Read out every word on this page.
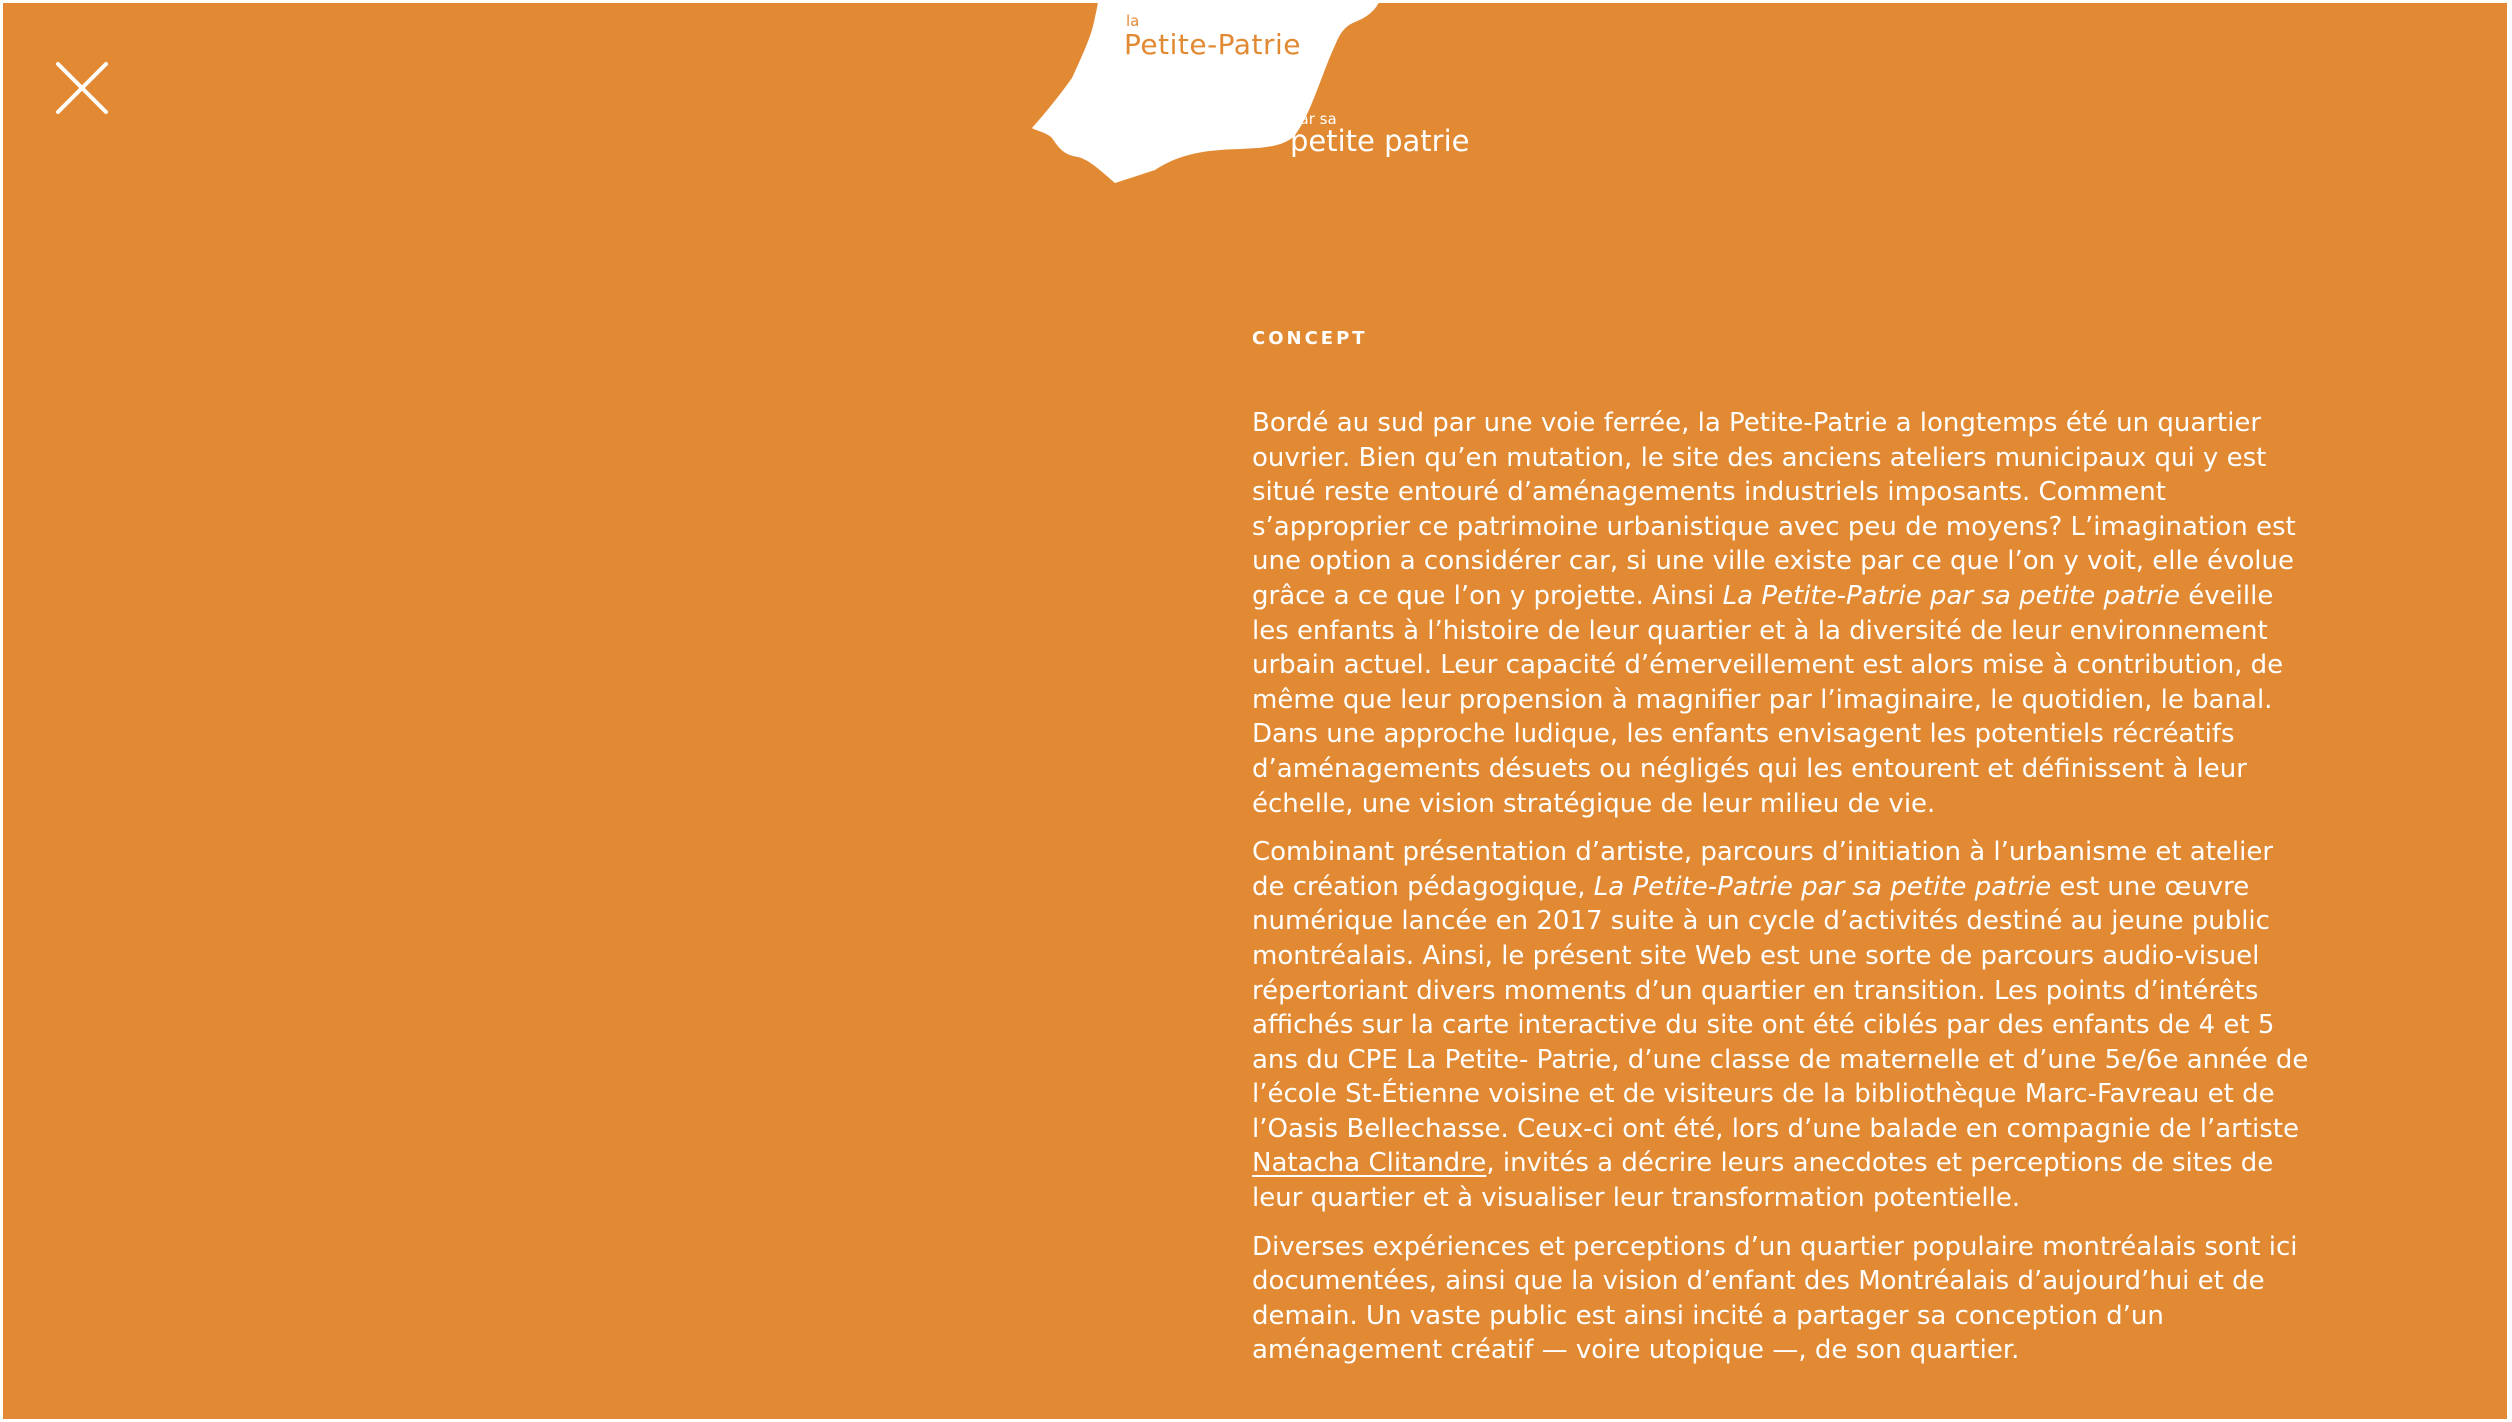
la
Petite-Patrie
par sa
petite patrie
CONCEPT

Bordé au sud par une voie ferrée, la Petite-Patrie a longtemps été un quartier ouvrier. Bien qu’en mutation, le site des anciens ateliers municipaux qui y est situé reste entouré d’aménagements industriels imposants. Comment s’approprier ce patrimoine urbanistique avec peu de moyens? L’imagination est une option a considérer car, si une ville existe par ce que l’on y voit, elle évolue grâce a ce que l’on y projette. Ainsi La Petite-Patrie par sa petite patrie éveille les enfants à l’histoire de leur quartier et à la diversité de leur environnement urbain actuel. Leur capacité d’émerveillement est alors mise à contribution, de même que leur propension à magnifier par l’imaginaire, le quotidien, le banal. Dans une approche ludique, les enfants envisagent les potentiels récréatifs d’aménagements désuets ou négligés qui les entourent et définissent à leur échelle, une vision stratégique de leur milieu de vie.

Combinant présentation d’artiste, parcours d’initiation à l’urbanisme et atelier de création pédagogique, La Petite-Patrie par sa petite patrie est une œuvre numérique lancée en 2017 suite à un cycle d’activités destiné au jeune public montréalais. Ainsi, le présent site Web est une sorte de parcours audio-visuel répertoriant divers moments d’un quartier en transition. Les points d’intérêts affichés sur la carte interactive du site ont été ciblés par des enfants de 4 et 5 ans du CPE La Petite- Patrie, d’une classe de maternelle et d’une 5e/6e année de l’école St-Étienne voisine et de visiteurs de la bibliothèque Marc-Favreau et de l’Oasis Bellechasse. Ceux-ci ont été, lors d’une balade en compagnie de l’artiste Natacha Clitandre, invités a décrire leurs anecdotes et perceptions de sites de leur quartier et à visualiser leur transformation potentielle.

Diverses expériences et perceptions d’un quartier populaire montréalais sont ici documentées, ainsi que la vision d’enfant des Montréalais d’aujourd’hui et de demain. Un vaste public est ainsi incité a partager sa conception d’un aménagement créatif — voire utopique —, de son quartier.
